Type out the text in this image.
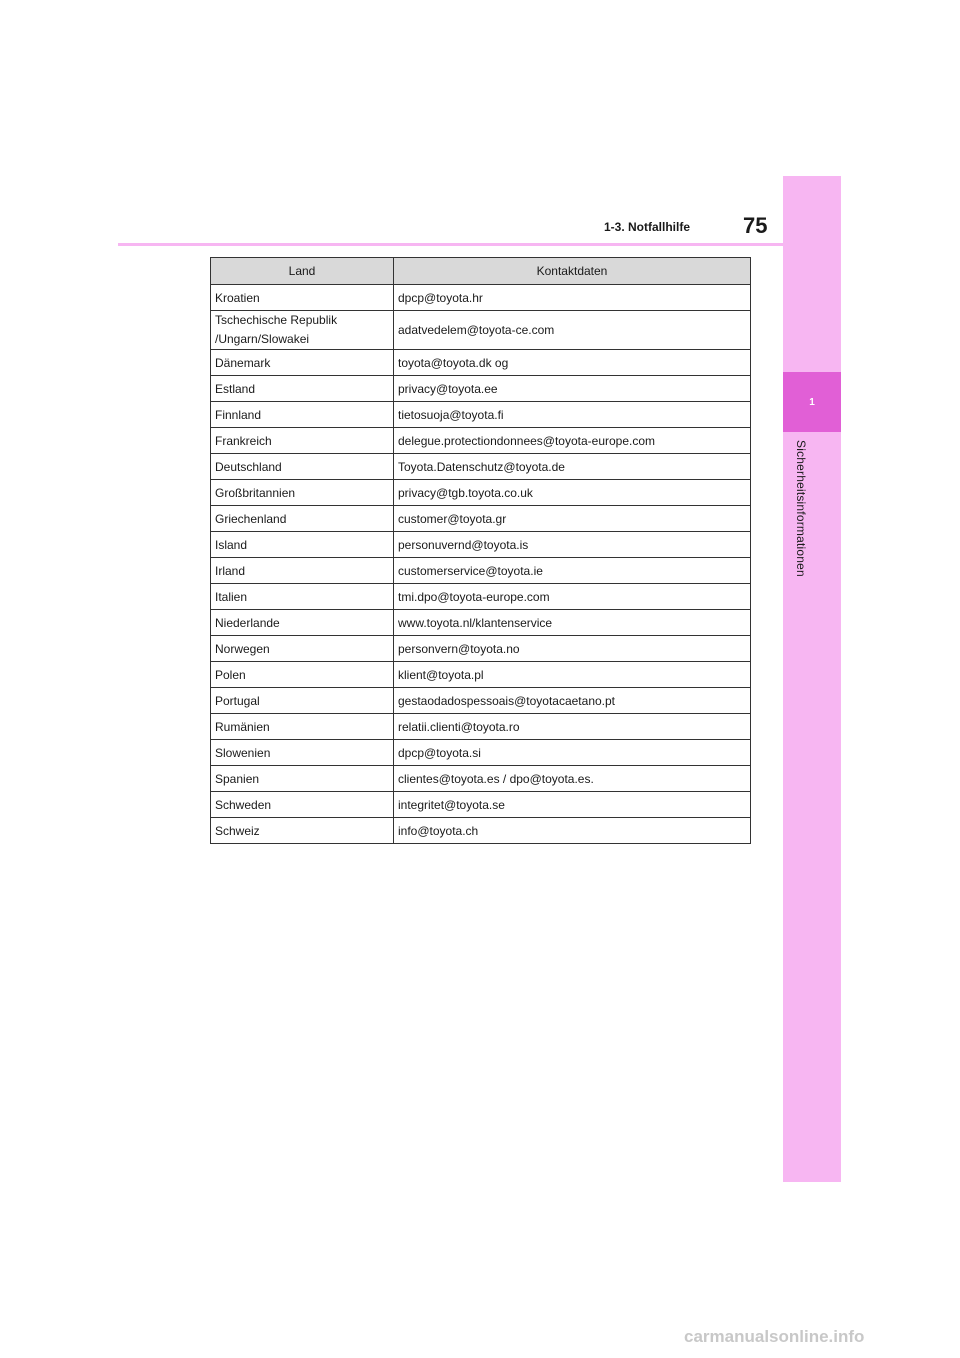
1
Sicherheitsinformationen
1-3. Notfallhilfe 75
Land	Kontaktdaten
Kroatien	dpcp@toyota.hr
Tschechische Republik /Ungarn/Slowakei	adatvedelem@toyota-ce.com
Dänemark	toyota@toyota.dk og
Estland	privacy@toyota.ee
Finnland	tietosuoja@toyota.fi
Frankreich	delegue.protectiondonnees@toyota-europe.com
Deutschland	Toyota.Datenschutz@toyota.de
Großbritannien	privacy@tgb.toyota.co.uk
Griechenland	customer@toyota.gr
Island	personuvernd@toyota.is
Irland	customerservice@toyota.ie
Italien	tmi.dpo@toyota-europe.com
Niederlande	www.toyota.nl/klantenservice
Norwegen	personvern@toyota.no
Polen	klient@toyota.pl
Portugal	gestaodadospessoais@toyotacaetano.pt
Rumänien	relatii.clienti@toyota.ro
Slowenien	dpcp@toyota.si
Spanien	clientes@toyota.es / dpo@toyota.es.
Schweden	integritet@toyota.se
Schweiz	info@toyota.ch
carmanualsonline.info
